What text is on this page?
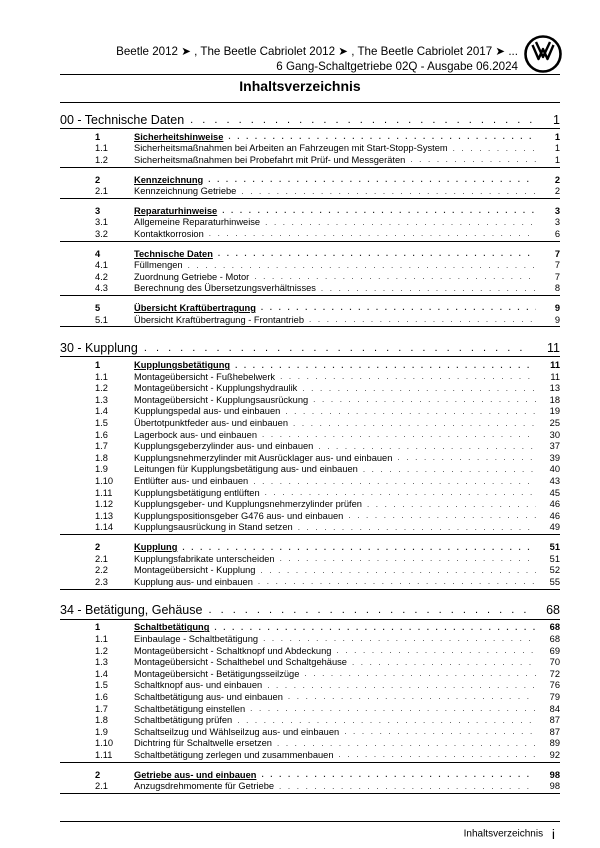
Beetle 2012 ➤ , The Beetle Cabriolet 2012 ➤ , The Beetle Cabriolet 2017 ➤ ...
6 Gang-Schaltgetriebe 02Q - Ausgabe 06.2024
Inhaltsverzeichnis
00 - Technische Daten . . .	1
1	Sicherheitshinweise . . .	1
1.1	Sicherheitsmaßnahmen bei Arbeiten an Fahrzeugen mit Start-Stopp-System . . .	1
1.2	Sicherheitsmaßnahmen bei Probefahrt mit Prüf- und Messgeräten . . .	1
2	Kennzeichnung . . .	2
2.1	Kennzeichnung Getriebe . . .	2
3	Reparaturhinweise . . .	3
3.1	Allgemeine Reparaturhinweise . . .	3
3.2	Kontaktkorrosion . . .	6
4	Technische Daten . . .	7
4.1	Füllmengen . . .	7
4.2	Zuordnung Getriebe - Motor . . .	7
4.3	Berechnung des Übersetzungsverhältnisses . . .	8
5	Übersicht Kraftübertragung . . .	9
5.1	Übersicht Kraftübertragung - Frontantrieb . . .	9
30 - Kupplung . . .	11
1	Kupplungsbetätigung . . .	11
1.1	Montageübersicht - Fußhebelwerk . . .	11
1.2	Montageübersicht - Kupplungshydraulik . . .	13
1.3	Montageübersicht - Kupplungsausrückung . . .	18
1.4	Kupplungspedal aus- und einbauen . . .	19
1.5	Übertotpunktfeder aus- und einbauen . . .	25
1.6	Lagerbock aus- und einbauen . . .	30
1.7	Kupplungsgeberzylinder aus- und einbauen . . .	37
1.8	Kupplungsnehmerzylinder mit Ausrücklager aus- und einbauen . . .	39
1.9	Leitungen für Kupplungsbetätigung aus- und einbauen . . .	40
1.10	Entlüfter aus- und einbauen . . .	43
1.11	Kupplungsbetätigung entlüften . . .	45
1.12	Kupplungsgeber- und Kupplungsnehmerzylinder prüfen . . .	46
1.13	Kupplungspositionsgeber G476 aus- und einbauen . . .	46
1.14	Kupplungsausrückung in Stand setzen . . .	49
2	Kupplung . . .	51
2.1	Kupplungsfabrikate unterscheiden . . .	51
2.2	Montageübersicht - Kupplung . . .	52
2.3	Kupplung aus- und einbauen . . .	55
34 - Betätigung, Gehäuse . . .	68
1	Schaltbetätigung . . .	68
1.1	Einbaulage - Schaltbetätigung . . .	68
1.2	Montageübersicht - Schaltknopf und Abdeckung . . .	69
1.3	Montageübersicht - Schalthebel und Schaltgehäuse . . .	70
1.4	Montageübersicht - Betätigungsseilzüge . . .	72
1.5	Schaltknopf aus- und einbauen . . .	76
1.6	Schaltbetätigung aus- und einbauen . . .	79
1.7	Schaltbetätigung einstellen . . .	84
1.8	Schaltbetätigung prüfen . . .	87
1.9	Schaltseilzug und Wählseilzug aus- und einbauen . . .	87
1.10	Dichtring für Schaltwelle ersetzen . . .	89
1.11	Schaltbetätigung zerlegen und zusammenbauen . . .	92
2	Getriebe aus- und einbauen . . .	98
2.1	Anzugsdrehmomente für Getriebe . . .	98
Inhaltsverzeichnis i
